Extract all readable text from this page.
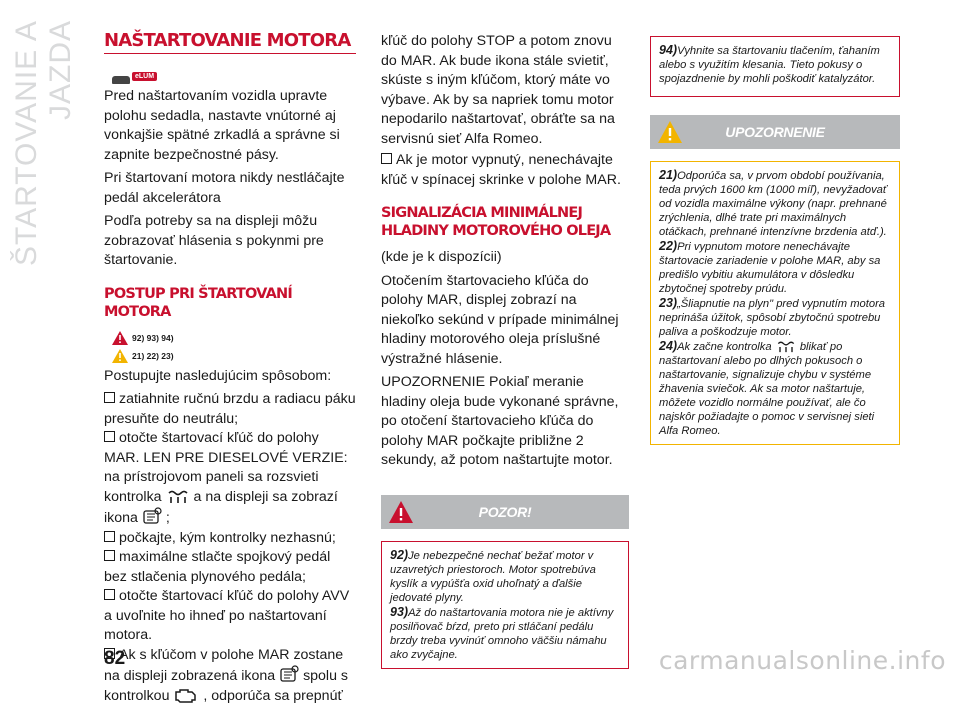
ŠTARTOVANIE A JAZDA NAŠTARTOVANIE MOTORA
eLUM

Pred naštartovaním vozidla upravte polohu sedadla, nastavte vnútorné aj vonkajšie spätné zrkadlá a správne si zapnite bezpečnostné pásy.

Pri štartovaní motora nikdy nestláčajte pedál akcelerátora

Podľa potreby sa na displeji môžu zobrazovať hlásenia s pokynmi pre štartovanie.

POSTUP PRI ŠTARTOVANÍ MOTORA
92) 93) 94)
21) 22) 23)

Postupujte nasledujúcim spôsobom:

zatiahnite ručnú brzdu a radiacu páku presuňte do neutrálu;

otočte štartovací kľúč do polohy MAR. LEN PRE DIESELOVÉ VERZIE: na prístrojovom paneli sa rozsvieti kontrolka a na displeji sa zobrazí ikona ;

počkajte, kým kontrolky nezhasnú;

maximálne stlačte spojkový pedál bez stlačenia plynového pedála;

otočte štartovací kľúč do polohy AVV a uvoľnite ho ihneď po naštartovaní motora.

Ak s kľúčom v polohe MAR zostane na displeji zobrazená ikona spolu s kontrolkou , odporúča sa prepnúť

kľúč do polohy STOP a potom znovu do MAR. Ak bude ikona stále svietiť, skúste s iným kľúčom, ktorý máte vo výbave. Ak by sa napriek tomu motor nepodarilo naštartovať, obráťte sa na servisnú sieť Alfa Romeo.

Ak je motor vypnutý, nenechávajte kľúč v spínacej skrinke v polohe MAR.

SIGNALIZÁCIA MINIMÁLNEJ HLADINY MOTOROVÉHO OLEJA

(kde je k dispozícii)

Otočením štartovacieho kľúča do polohy MAR, displej zobrazí na niekoľko sekúnd v prípade minimálnej hladiny motorového oleja príslušné výstražné hlásenie.

UPOZORNENIE Pokiaľ meranie hladiny oleja bude vykonané správne, po otočení štartovacieho kľúča do polohy MAR počkajte približne 2 sekundy, až potom naštartujte motor.

POZOR!
92)Je nebezpečné nechať bežať motor v uzavretých priestoroch. Motor spotrebúva kyslík a vypúšťa oxid uhoľnatý a ďalšie jedovaté plyny.
93)Až do naštartovania motora nie je aktívny posilňovač bŕzd, preto pri stláčaní pedálu brzdy treba vyvinúť omnoho väčšiu námahu ako zvyčajne.
94)Vyhnite sa štartovaniu tlačením, ťahaním alebo s využitím klesania. Tieto pokusy o spojazdnenie by mohli poškodiť katalyzátor.
UPOZORNENIE
21)Odporúča sa, v prvom období používania, teda prvých 1600 km (1000 míľ), nevyžadovať od vozidla maximálne výkony (napr. prehnané zrýchlenia, dlhé trate pri maximálnych otáčkach, prehnané intenzívne brzdenia atď.).
22)Pri vypnutom motore nenechávajte štartovacie zariadenie v polohe MAR, aby sa predišlo vybitiu akumulátora v dôsledku zbytočnej spotreby prúdu.
23)„Šliapnutie na plyn" pred vypnutím motora neprináša úžitok, spôsobí zbytočnú spotrebu paliva a poškodzuje motor.
24)Ak začne kontrolka	blikať po naštartovaní alebo po dlhých pokusoch o naštartovanie, signalizuje chybu v systéme žhavenia sviečok. Ak sa motor naštartuje, môžete vozidlo normálne používať, ale čo najskôr požiadajte o pomoc v servisnej sieti Alfa Romeo.
82	carmanualsonline.info
